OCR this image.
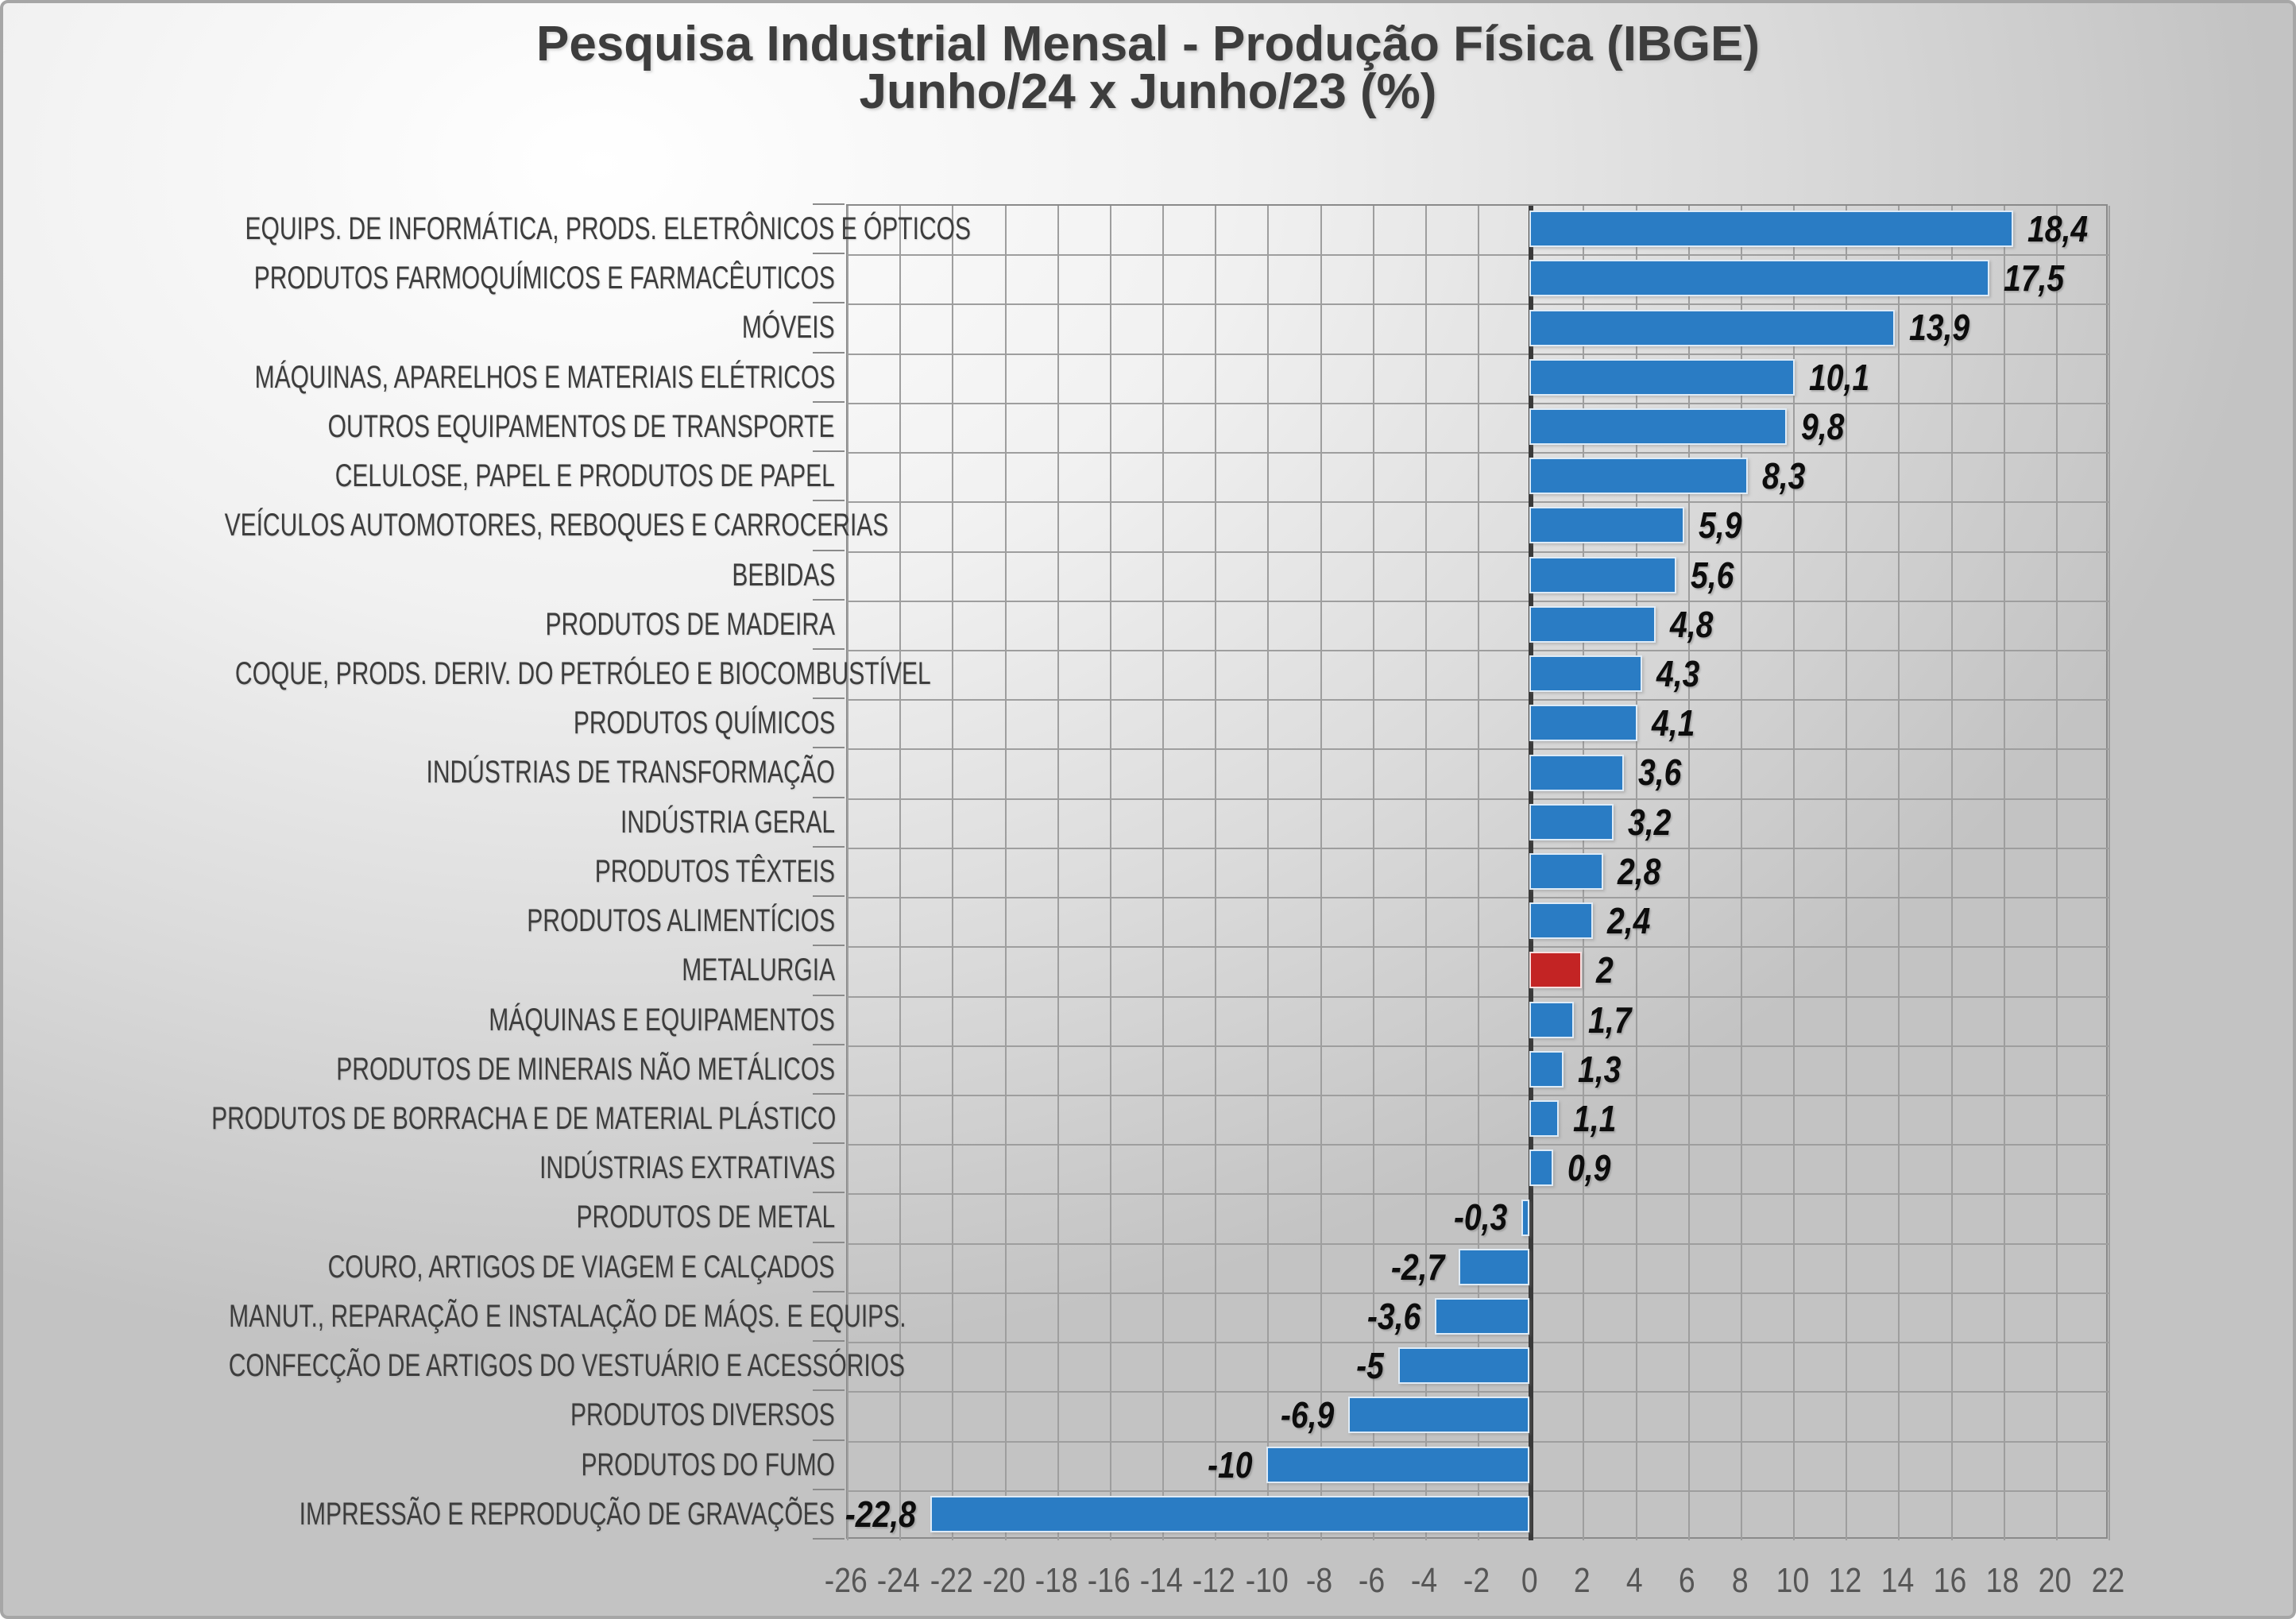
Pesquisa Industrial Mensal - Produção Física (IBGE)
Junho/24 x Junho/23 (%)
EQUIPS. DE INFORMÁTICA, PRODS. ELETRÔNICOS E ÓPTICOS	18,4
PRODUTOS FARMOQUÍMICOS E FARMACÊUTICOS	17,5
MÓVEIS	13,9
MÁQUINAS, APARELHOS E MATERIAIS ELÉTRICOS	10,1
OUTROS EQUIPAMENTOS DE TRANSPORTE	9,8
CELULOSE, PAPEL E PRODUTOS DE PAPEL	8,3
VEÍCULOS AUTOMOTORES, REBOQUES E CARROCERIAS	5,9
BEBIDAS	5,6
PRODUTOS DE MADEIRA	4,8
COQUE, PRODS. DERIV. DO PETRÓLEO E BIOCOMBUSTÍVEL	4,3
PRODUTOS QUÍMICOS	4,1
INDÚSTRIAS DE TRANSFORMAÇÃO	3,6
INDÚSTRIA GERAL	3,2
PRODUTOS TÊXTEIS	2,8
PRODUTOS ALIMENTÍCIOS	2,4
METALURGIA	2
MÁQUINAS E EQUIPAMENTOS	1,7
PRODUTOS DE MINERAIS NÃO METÁLICOS	1,3
PRODUTOS DE BORRACHA E DE MATERIAL PLÁSTICO	1,1
INDÚSTRIAS EXTRATIVAS	0,9
PRODUTOS DE METAL	-0,3
COURO, ARTIGOS DE VIAGEM E CALÇADOS	-2,7
MANUT., REPARAÇÃO E INSTALAÇÃO DE MÁQS. E EQUIPS.	-3,6
CONFECÇÃO DE ARTIGOS DO VESTUÁRIO E ACESSÓRIOS	-5
PRODUTOS DIVERSOS	-6,9
PRODUTOS DO FUMO	-10
IMPRESSÃO E REPRODUÇÃO DE GRAVAÇÕES -22,8
-26 -24 -22 -20 -18 -16 -14 -12 -10 -8 -6 -4 -2 0	2	4	6	8 10 12 14 16 18 20 22
